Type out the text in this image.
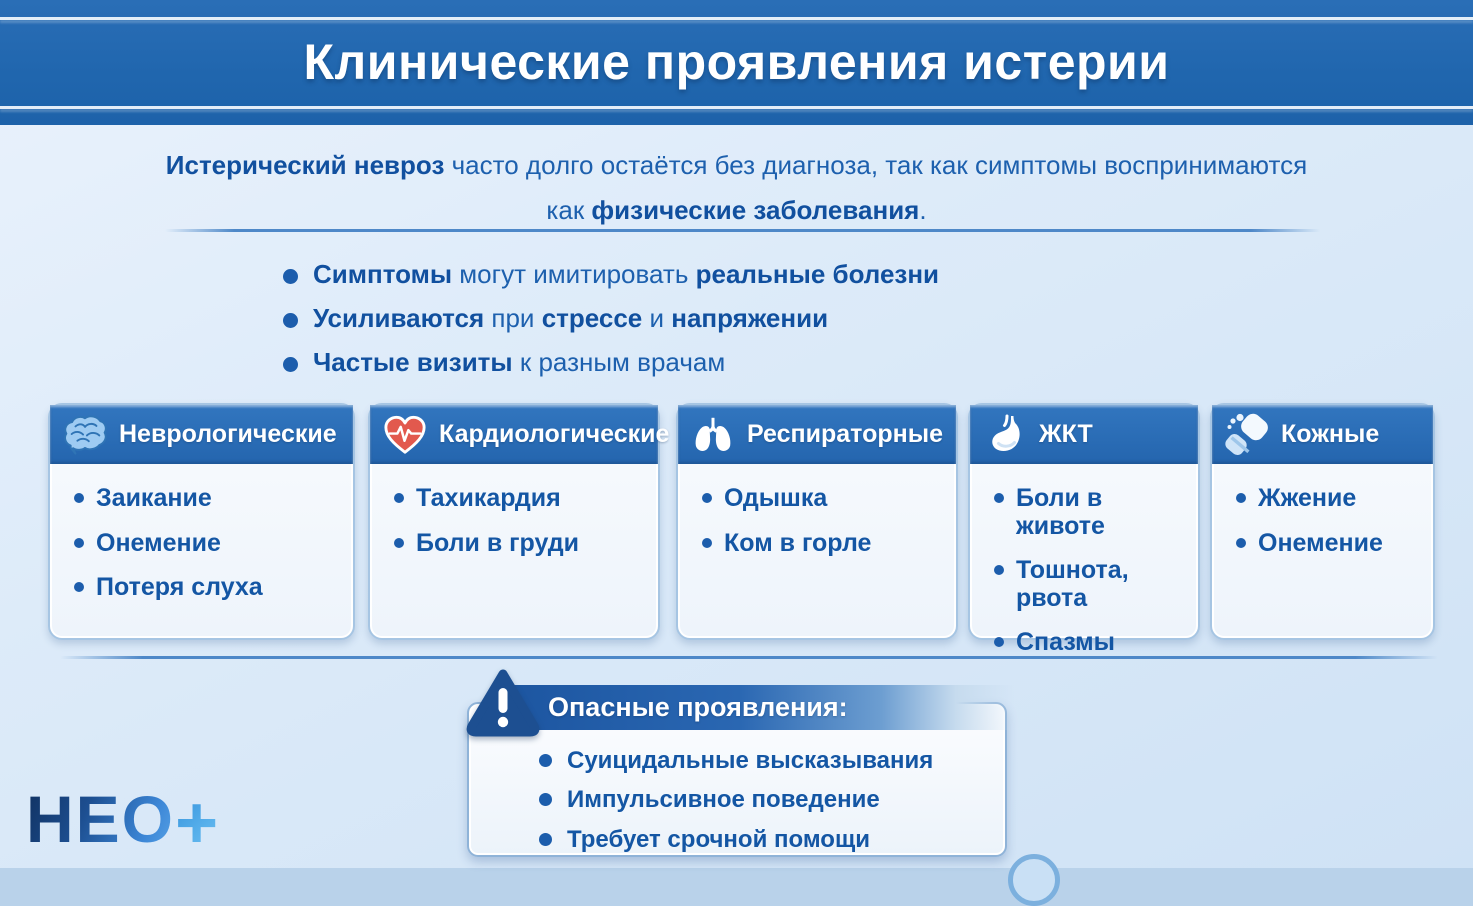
Клинические проявления истерии
Истерический невроз часто долго остаётся без диагноза, так как симптомы воспринимаются
как физические заболевания.
Симптомы могут имитировать реальные болезни
Усиливаются при стрессе и напряжении
Частые визиты к разным врачам
Неврологические
Заикание
Онемение
Потеря слуха
Кардиологические
Тахикардия
Боли в груди
Респираторные
Одышка
Ком в горле
ЖКТ
Боли в животе
Тошнота, рвота
Спазмы
Кожные
Жжение
Онемение
Опасные проявления:
Суицидальные высказывания
Импульсивное поведение
Требует срочной помощи
НЕО+
